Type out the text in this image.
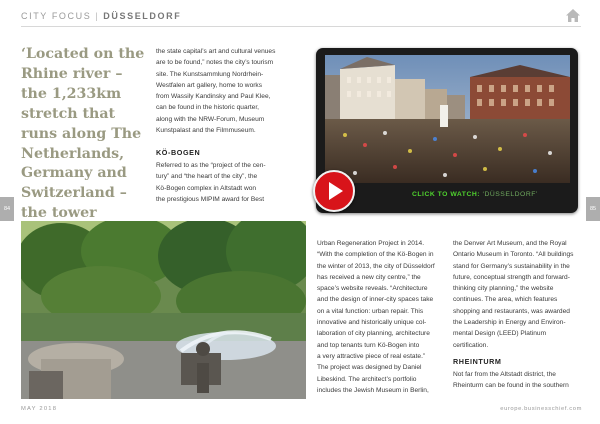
CITY FOCUS | DÜSSELDORF
‘Located on the Rhine river – the 1,233km stretch that runs along The Netherlands, Germany and Switzerland – the tower

the state capital’s art and cultural venues

are to be found,” notes the city’s tourism

site. The Kunstsammlung Nordrhein-

Westfalen art gallery, home to works

from Wassily Kandinsky and Paul Klee,

can be found in the historic quarter,

along with the NRW-Forum, Museum

Kunstpalast and the Filmmuseum.

KÖ-BOGEN

Referred to as the “project of the cen-

tury” and “the heart of the city”, the

Kö-Bogen complex in Altstadt won

the prestigious MIPIM award for Best

CLICK TO WATCH: ‘DÜSSELDORF’
84	85

Urban Regeneration Project in 2014.

“With the completion of the Kö-Bogen in

the winter of 2013, the city of Düsseldorf

has received a new city centre,” the

space’s website reveals. “Architecture

and the design of inner-city spaces take

on a vital function: urban repair. This

innovative and historically unique col-

laboration of city planning, architecture

and top tenants turn Kö-Bogen into

a very attractive piece of real estate.”

The project was designed by Daniel

Libeskind. The architect’s portfolio

includes the Jewish Museum in Berlin,

the Denver Art Museum, and the Royal

Ontario Museum in Toronto. “All buildings

stand for Germany’s sustainability in the

future, conceptual strength and forward-

thinking city planning,” the website

continues. The area, which features

shopping and restaurants, was awarded

the Leadership in Energy and Environ-

mental Design (LEED) Platinum

certification.

RHEINTURM

Not far from the Altstadt district, the

Rheinturm can be found in the southern

MAY 2018	europe.businesschief.com
